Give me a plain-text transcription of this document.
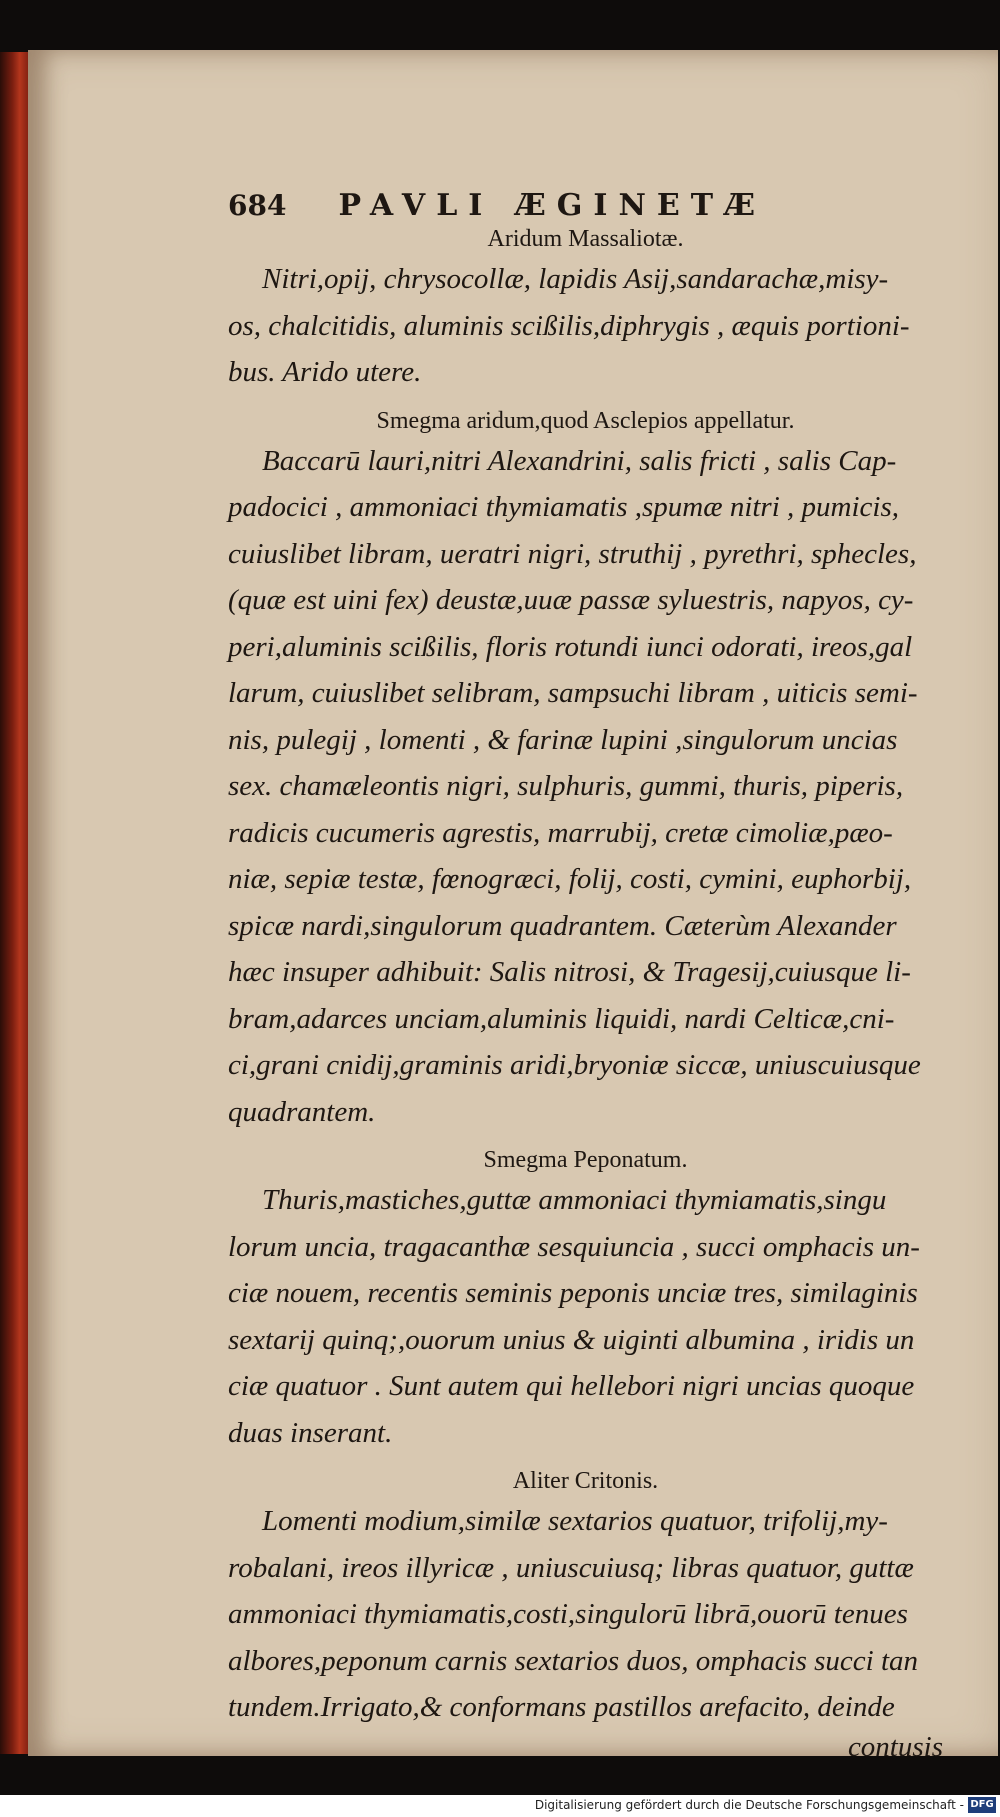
684 PAVLI ÆGINETÆ

Aridum Massaliotæ.

Nitri,opij, chrysocollæ, lapidis Asij,sandarachæ,misy-
os, chalcitidis, aluminis scißilis,diphrygis , æquis portioni-
bus. Arido utere.

Smegma aridum,quod Asclepios appellatur.

Baccarū lauri,nitri Alexandrini, salis fricti , salis Cap-
padocici , ammoniaci thymiamatis ,spumæ nitri , pumicis,
cuiuslibet libram, ueratri nigri, struthij , pyrethri, sphecles,
(quæ est uini fex) deustæ,uuæ passæ syluestris, napyos, cy-
peri,aluminis scißilis, floris rotundi iunci odorati, ireos,gal
larum, cuiuslibet selibram, sampsuchi libram , uiticis semi-
nis, pulegij , lomenti , & farinæ lupini ,singulorum uncias
sex. chamæleontis nigri, sulphuris, gummi, thuris, piperis,
radicis cucumeris agrestis, marrubij, cretæ cimoliæ,pæo-
niæ, sepiæ testæ, fœnogræci, folij, costi, cymini, euphorbij,
spicæ nardi,singulorum quadrantem. Cæterùm Alexander
hæc insuper adhibuit: Salis nitrosi, & Tragesij,cuiusque li-
bram,adarces unciam,aluminis liquidi, nardi Celticæ,cni-
ci,grani cnidij,graminis aridi,bryoniæ siccæ, uniuscuiusque
quadrantem.

Smegma Peponatum.

Thuris,mastiches,guttæ ammoniaci thymiamatis,singu
lorum uncia, tragacanthæ sesquiuncia , succi omphacis un-
ciæ nouem, recentis seminis peponis unciæ tres, similaginis
sextarij quinq;,ouorum unius & uiginti albumina , iridis un
ciæ quatuor . Sunt autem qui hellebori nigri uncias quoque
duas inserant.

Aliter Critonis.

Lomenti modium,similæ sextarios quatuor, trifolij,my-
robalani, ireos illyricæ , uniuscuiusq; libras quatuor, guttæ
ammoniaci thymiamatis,costi,singulorū librā,ouorū tenues
albores,peponum carnis sextarios duos, omphacis succi tan
tundem.Irrigato,& conformans pastillos arefacito, deinde
contusis
Digitalisierung gefördert durch die Deutsche Forschungsgemeinschaft - DFG
